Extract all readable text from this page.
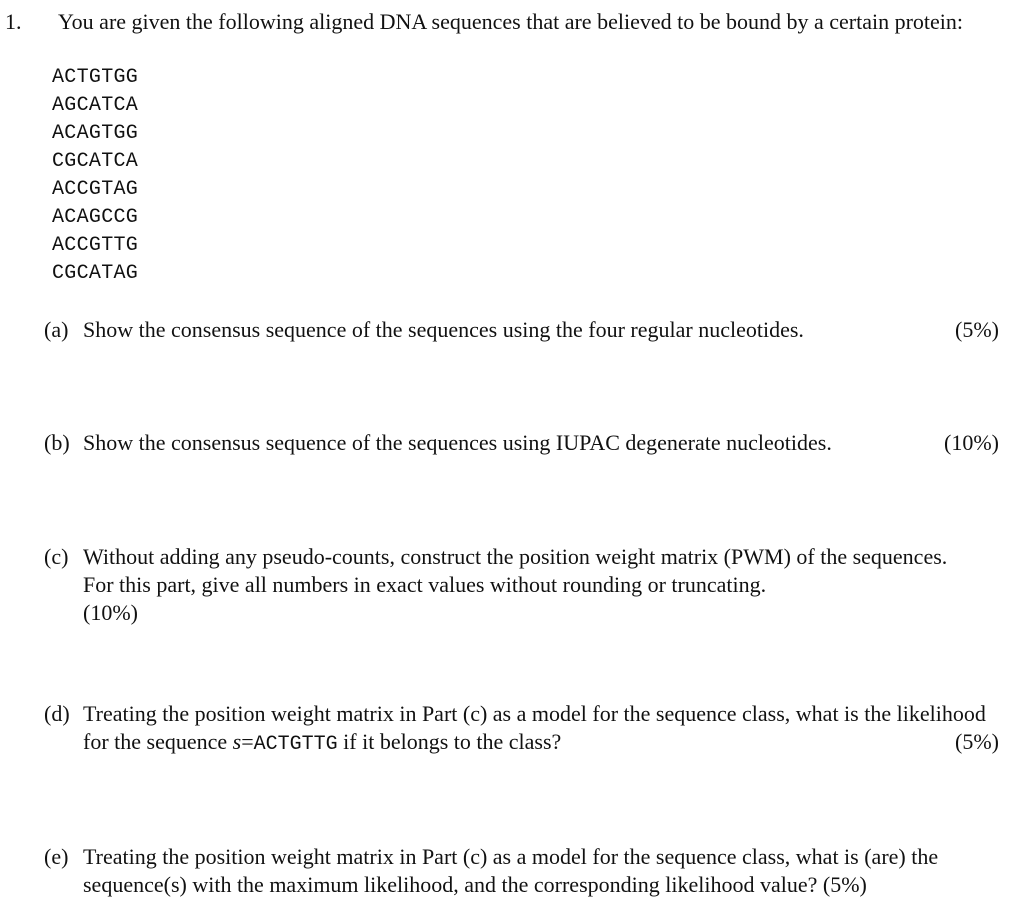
1. You are given the following aligned DNA sequences that are believed to be bound by a certain protein:
ACTGTGG
AGCATCA
ACAGTGG
CGCATCA
ACCGTAG
ACAGCCG
ACCGTTG
CGCATAG
(a) Show the consensus sequence of the sequences using the four regular nucleotides.	(5%)
(b) Show the consensus sequence of the sequences using IUPAC degenerate nucleotides.	(10%)
(c) Without adding any pseudo-counts, construct the position weight matrix (PWM) of the sequences. For this part, give all numbers in exact values without rounding or truncating.
(10%)
(d) Treating the position weight matrix in Part (c) as a model for the sequence class, what is the likelihood for the sequence s=ACTGTTG if it belongs to the class?	(5%)
(e) Treating the position weight matrix in Part (c) as a model for the sequence class, what is (are) the sequence(s) with the maximum likelihood, and the corresponding likelihood value? (5%)
